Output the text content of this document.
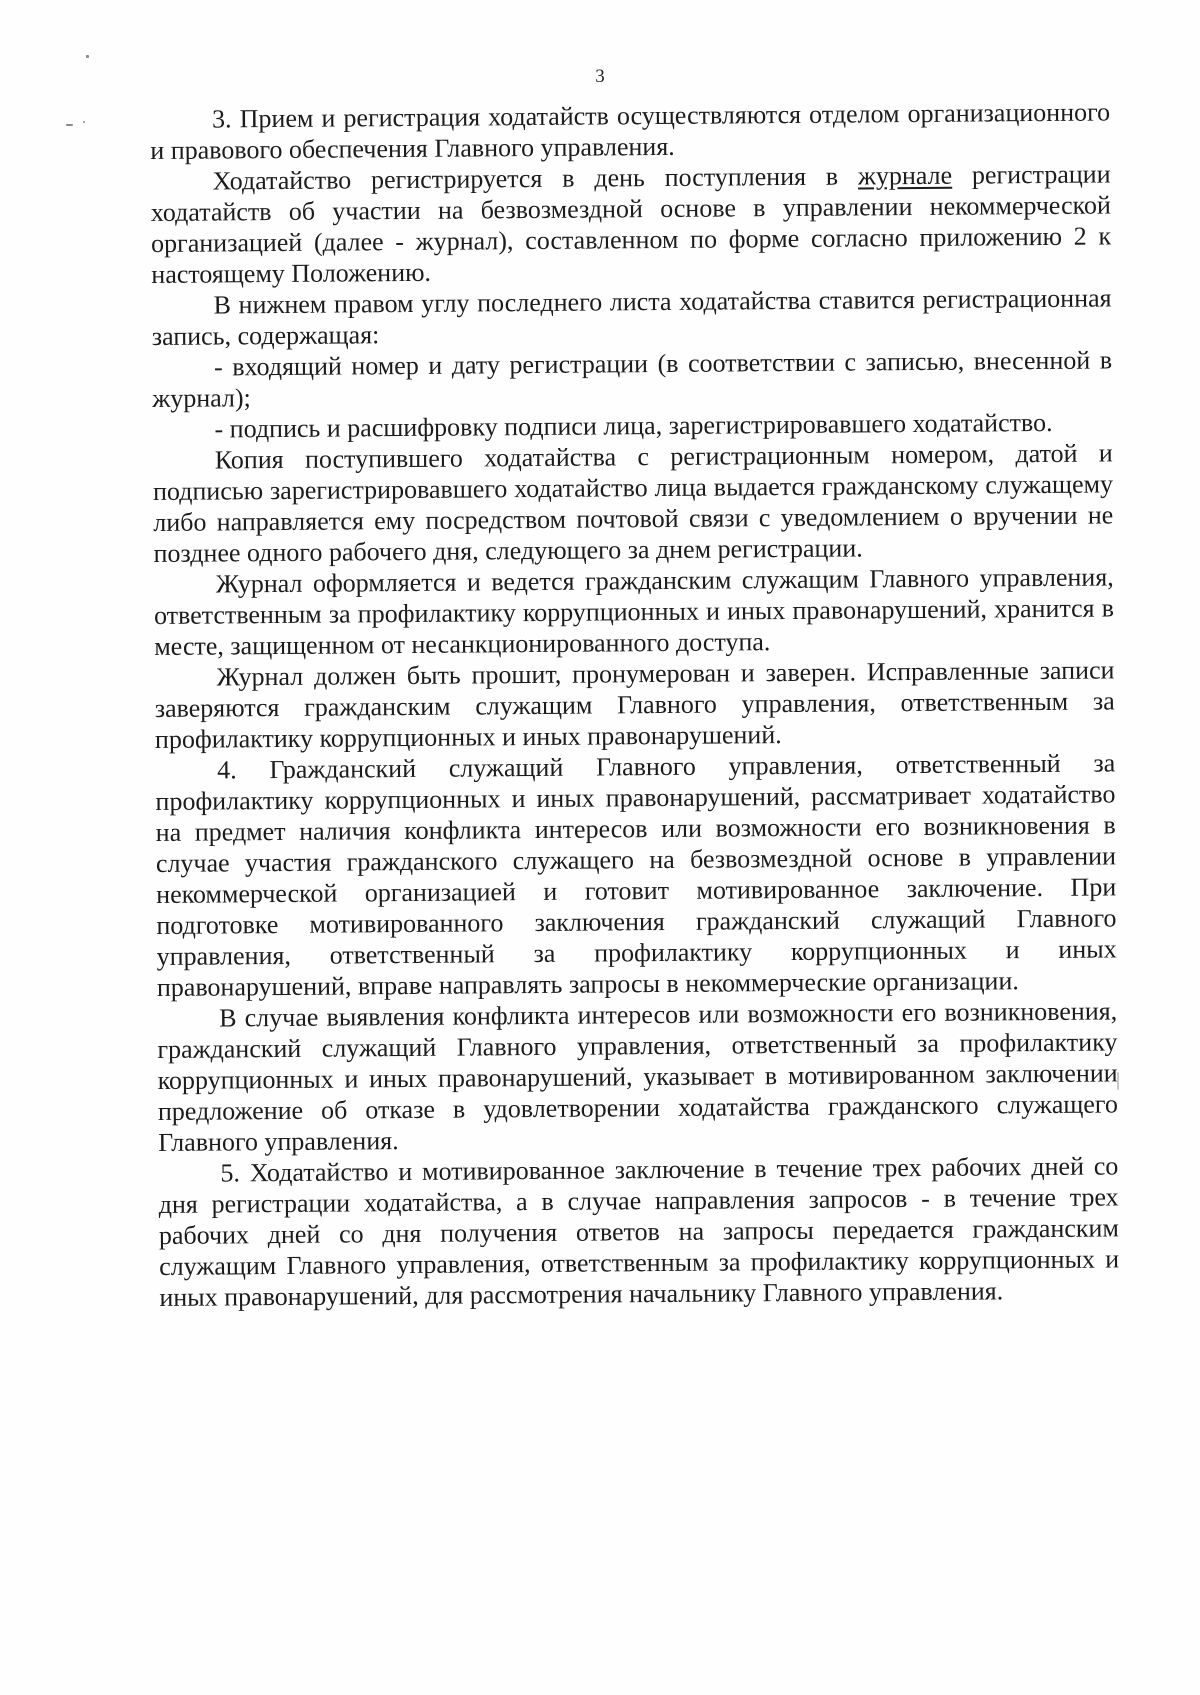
3

3. Прием и регистрация ходатайств осуществляются отделом организационного и правового обеспечения Главного управления.

Ходатайство регистрируется в день поступления в журнале регистрации ходатайств об участии на безвозмездной основе в управлении некоммерческой организацией (далее - журнал), составленном по форме согласно приложению 2 к настоящему Положению.

В нижнем правом углу последнего листа ходатайства ставится регистрационная запись, содержащая:

- входящий номер и дату регистрации (в соответствии с записью, внесенной в журнал);

- подпись и расшифровку подписи лица, зарегистрировавшего ходатайство.

Копия поступившего ходатайства с регистрационным номером, датой и подписью зарегистрировавшего ходатайство лица выдается гражданскому служащему либо направляется ему посредством почтовой связи с уведомлением о вручении не позднее одного рабочего дня, следующего за днем регистрации.

Журнал оформляется и ведется гражданским служащим Главного управления, ответственным за профилактику коррупционных и иных правонарушений, хранится в месте, защищенном от несанкционированного доступа.

Журнал должен быть прошит, пронумерован и заверен. Исправленные записи заверяются гражданским служащим Главного управления, ответственным за профилактику коррупционных и иных правонарушений.

4. Гражданский служащий Главного управления, ответственный за профилактику коррупционных и иных правонарушений, рассматривает ходатайство на предмет наличия конфликта интересов или возможности его возникновения в случае участия гражданского служащего на безвозмездной основе в управлении некоммерческой организацией и готовит мотивированное заключение. При подготовке мотивированного заключения гражданский служащий Главного управления, ответственный за профилактику коррупционных и иных правонарушений, вправе направлять запросы в некоммерческие организации.

В случае выявления конфликта интересов или возможности его возникновения, гражданский служащий Главного управления, ответственный за профилактику коррупционных и иных правонарушений, указывает в мотивированном заключении предложение об отказе в удовлетворении ходатайства гражданского служащего Главного управления.

5. Ходатайство и мотивированное заключение в течение трех рабочих дней со дня регистрации ходатайства, а в случае направления запросов - в течение трех рабочих дней со дня получения ответов на запросы передается гражданским служащим Главного управления, ответственным за профилактику коррупционных и иных правонарушений, для рассмотрения начальнику Главного управления.
